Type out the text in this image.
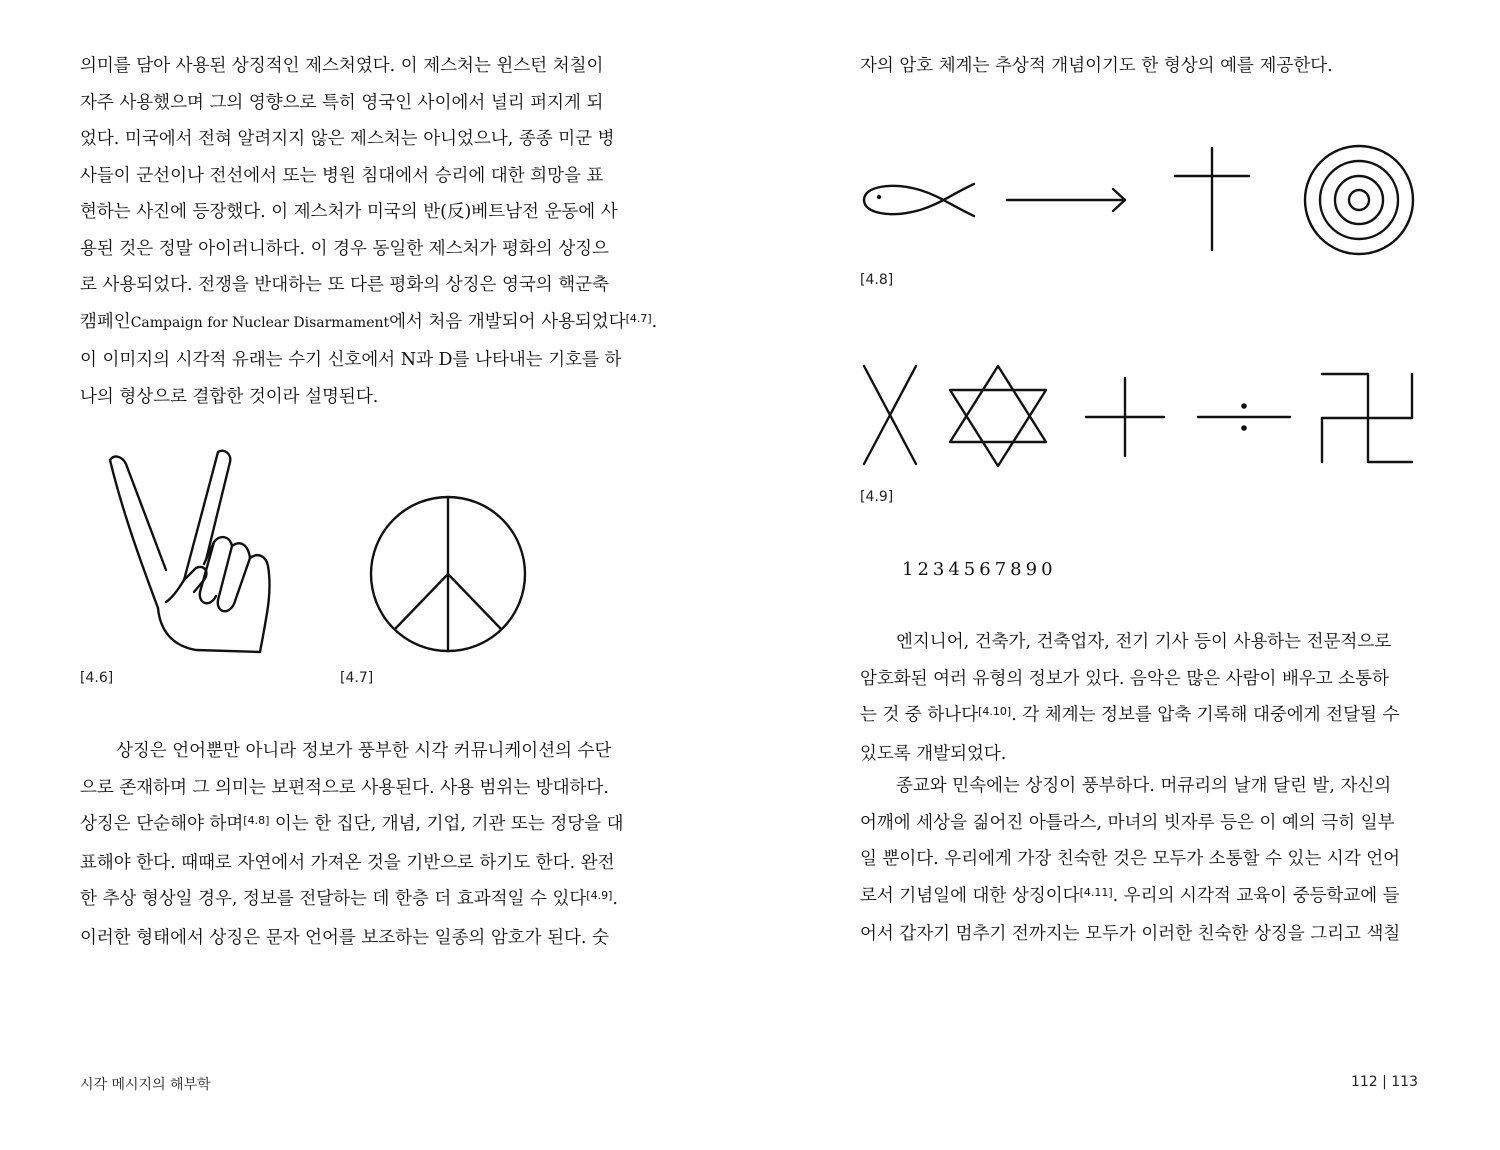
의미를 담아 사용된 상징적인 제스처였다. 이 제스처는 윈스턴 처칠이
자주 사용했으며 그의 영향으로 특히 영국인 사이에서 널리 퍼지게 되
었다. 미국에서 전혀 알려지지 않은 제스처는 아니었으나, 종종 미군 병
사들이 군선이나 전선에서 또는 병원 침대에서 승리에 대한 희망을 표
현하는 사진에 등장했다. 이 제스처가 미국의 반(反)베트남전 운동에 사
용된 것은 정말 아이러니하다. 이 경우 동일한 제스처가 평화의 상징으
로 사용되었다. 전쟁을 반대하는 또 다른 평화의 상징은 영국의 핵군축
캠페인Campaign for Nuclear Disarmament에서 처음 개발되어 사용되었다[4.7].
이 이미지의 시각적 유래는 수기 신호에서 N과 D를 나타내는 기호를 하
나의 형상으로 결합한 것이라 설명된다.
[4.6]	[4.7]
상징은 언어뿐만 아니라 정보가 풍부한 시각 커뮤니케이션의 수단
으로 존재하며 그 의미는 보편적으로 사용된다. 사용 범위는 방대하다.
상징은 단순해야 하며[4.8] 이는 한 집단, 개념, 기업, 기관 또는 정당을 대
표해야 한다. 때때로 자연에서 가져온 것을 기반으로 하기도 한다. 완전
한 추상 형상일 경우, 정보를 전달하는 데 한층 더 효과적일 수 있다[4.9].
이러한 형태에서 상징은 문자 언어를 보조하는 일종의 암호가 된다. 숫
시각 메시지의 해부학
자의 암호 체계는 추상적 개념이기도 한 형상의 예를 제공한다.
[4.8]
[4.9]
1234567890
엔지니어, 건축가, 건축업자, 전기 기사 등이 사용하는 전문적으로
암호화된 여러 유형의 정보가 있다. 음악은 많은 사람이 배우고 소통하
는 것 중 하나다[4.10]. 각 체계는 정보를 압축 기록해 대중에게 전달될 수
있도록 개발되었다.
종교와 민속에는 상징이 풍부하다. 머큐리의 날개 달린 발, 자신의
어깨에 세상을 짊어진 아틀라스, 마녀의 빗자루 등은 이 예의 극히 일부
일 뿐이다. 우리에게 가장 친숙한 것은 모두가 소통할 수 있는 시각 언어
로서 기념일에 대한 상징이다[4.11]. 우리의 시각적 교육이 중등학교에 들
어서 갑자기 멈추기 전까지는 모두가 이러한 친숙한 상징을 그리고 색칠
112 | 113
